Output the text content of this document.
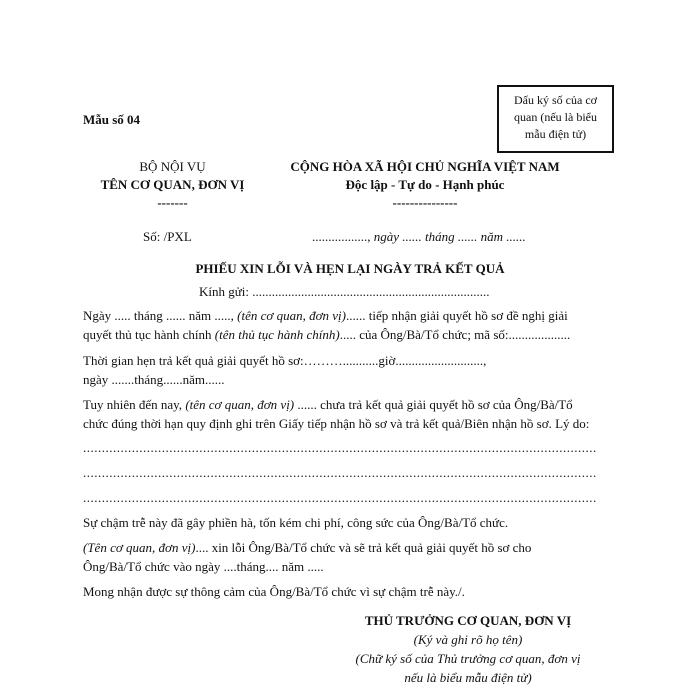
Dấu ký số của cơ
quan (nếu là biểu
mẫu điện tử)
Mẫu số 04
BỘ NỘI VỤ
TÊN CƠ QUAN, ĐƠN VỊ
-------
CỘNG HÒA XÃ HỘI CHỦ NGHĨA VIỆT NAM
Độc lập - Tự do - Hạnh phúc
---------------
Số: /PXL	................., ngày ...... tháng ...... năm ......
PHIẾU XIN LỖI VÀ HẸN LẠI NGÀY TRẢ KẾT QUẢ
Kính gửi: .........................................................................
Ngày ..... tháng ...... năm ....., (tên cơ quan, đơn vị)...... tiếp nhận giải quyết hồ sơ đề nghị giải
quyết thủ tục hành chính (tên thủ tục hành chính)..... của Ông/Bà/Tổ chức; mã số:...................
Thời gian hẹn trả kết quả giải quyết hồ sơ:………...........giờ...........................,
ngày .......tháng......năm......
Tuy nhiên đến nay, (tên cơ quan, đơn vị) ...... chưa trả kết quả giải quyết hồ sơ của Ông/Bà/Tổ
chức đúng thời hạn quy định ghi trên Giấy tiếp nhận hồ sơ và trả kết quả/Biên nhận hồ sơ. Lý do:
.........................................................................................................................................
.........................................................................................................................................
.........................................................................................................................................
Sự chậm trễ này đã gây phiền hà, tốn kém chi phí, công sức của Ông/Bà/Tổ chức.
(Tên cơ quan, đơn vị).... xin lỗi Ông/Bà/Tổ chức và sẽ trả kết quả giải quyết hồ sơ cho
Ông/Bà/Tổ chức vào ngày ....tháng.... năm .....
Mong nhận được sự thông cảm của Ông/Bà/Tổ chức vì sự chậm trễ này./.
THỦ TRƯỞNG CƠ QUAN, ĐƠN VỊ
(Ký và ghi rõ họ tên)
(Chữ ký số của Thủ trưởng cơ quan, đơn vị
nếu là biểu mẫu điện tử)
